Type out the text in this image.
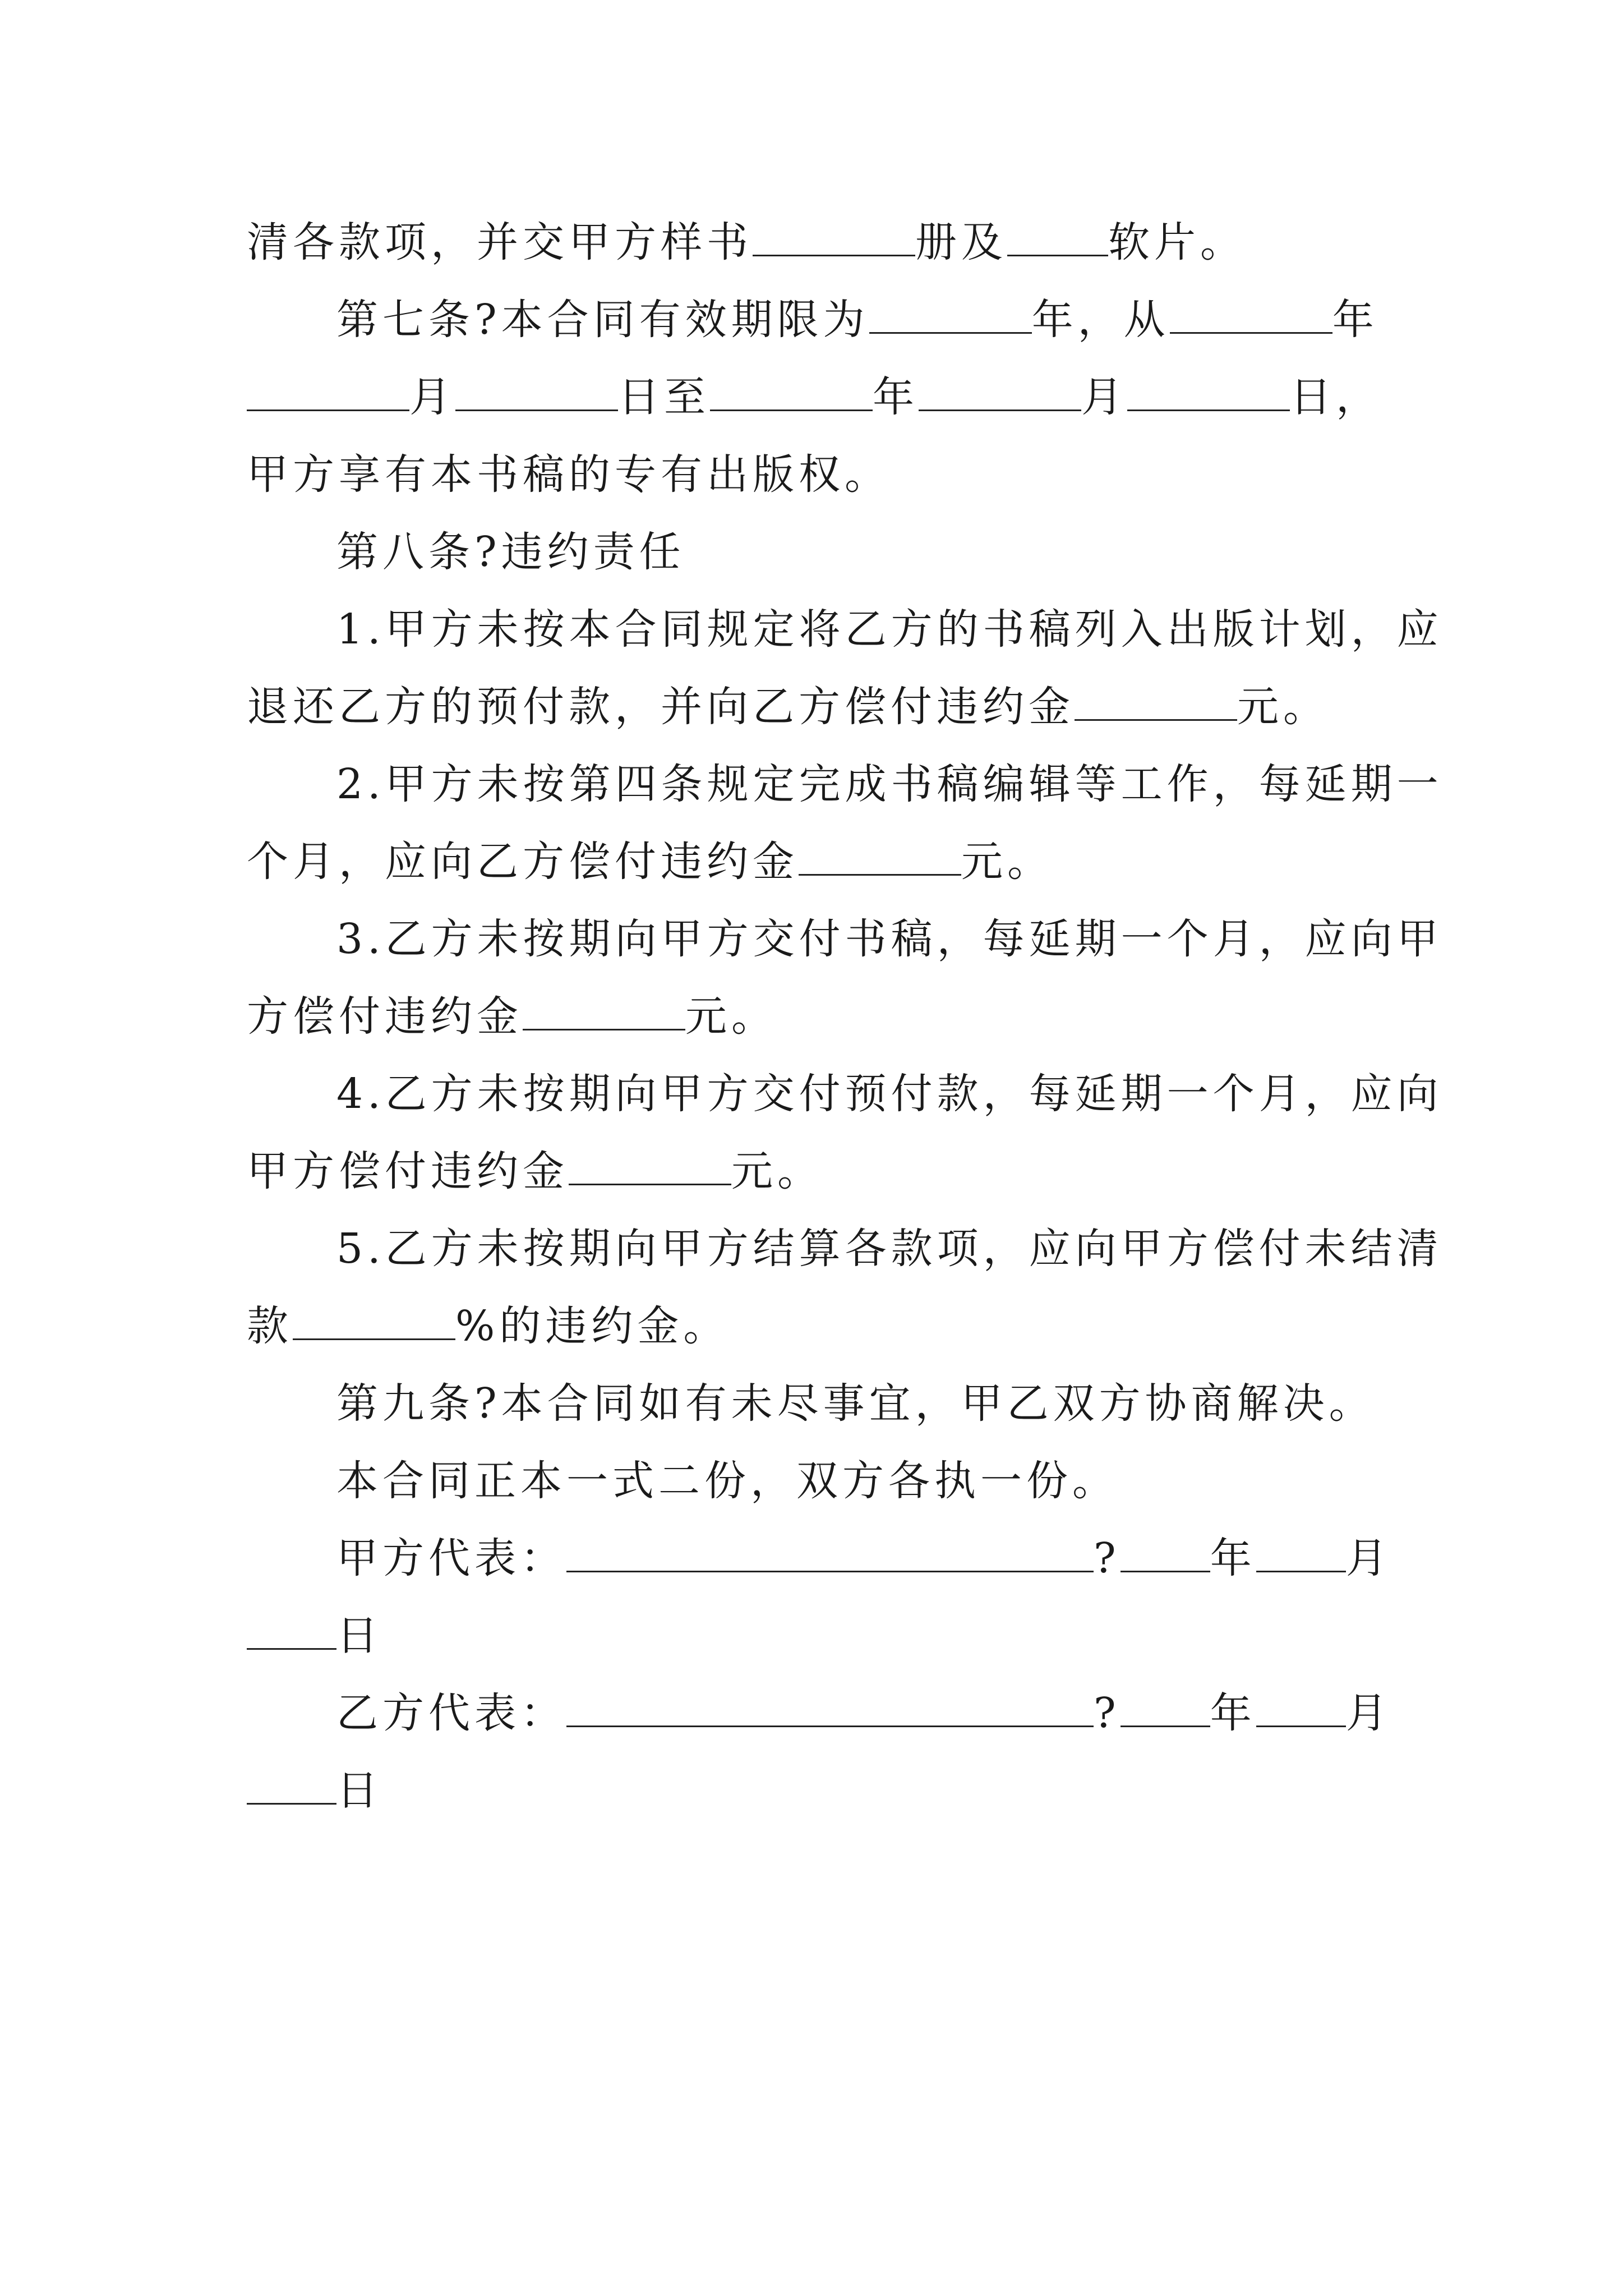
清各款项，并交甲方样书	册及 软片。
第七条?本合同有效期限为	年，从	年
月	日至	年	月	日，
甲方享有本书稿的专有出版权。
第八条?违约责任
1.甲方未按本合同规定将乙方的书稿列入出版计划，应
退还乙方的预付款，并向乙方偿付违约金	元。
2.甲方未按第四条规定完成书稿编辑等工作，每延期一
个月，应向乙方偿付违约金	元。
3.乙方未按期向甲方交付书稿，每延期一个月，应向甲
方偿付违约金	元。
4.乙方未按期向甲方交付预付款，每延期一个月，应向
甲方偿付违约金	元。
5.乙方未按期向甲方结算各款项，应向甲方偿付未结清
款	%的违约金。
第九条?本合同如有未尽事宜，甲乙双方协商解决。
本合同正本一式二份，双方各执一份。
甲方代表：	? 年 月
日
乙方代表：	? 年 月
日
